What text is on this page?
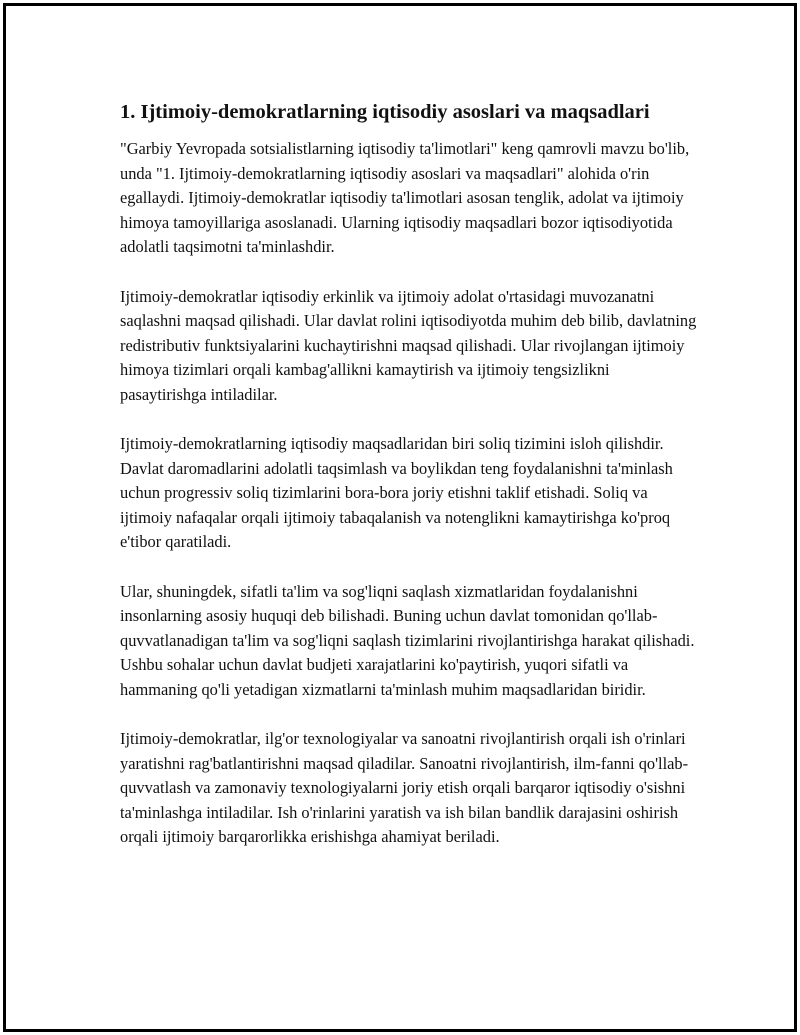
1. Ijtimoiy-demokratlarning iqtisodiy asoslari va maqsadlari

"Garbiy Yevropada sotsialistlarning iqtisodiy ta'limotlari" keng qamrovli mavzu bo'lib, unda "1. Ijtimoiy-demokratlarning iqtisodiy asoslari va maqsadlari" alohida o'rin egallaydi. Ijtimoiy-demokratlar iqtisodiy ta'limotlari asosan tenglik, adolat va ijtimoiy himoya tamoyillariga asoslanadi. Ularning iqtisodiy maqsadlari bozor iqtisodiyotida adolatli taqsimotni ta'minlashdir.

Ijtimoiy-demokratlar iqtisodiy erkinlik va ijtimoiy adolat o'rtasidagi muvozanatni saqlashni maqsad qilishadi. Ular davlat rolini iqtisodiyotda muhim deb bilib, davlatning redistributiv funktsiyalarini kuchaytirishni maqsad qilishadi. Ular rivojlangan ijtimoiy himoya tizimlari orqali kambag'allikni kamaytirish va ijtimoiy tengsizlikni pasaytirishga intiladilar.

Ijtimoiy-demokratlarning iqtisodiy maqsadlaridan biri soliq tizimini isloh qilishdir. Davlat daromadlarini adolatli taqsimlash va boylikdan teng foydalanishni ta'minlash uchun progressiv soliq tizimlarini bora-bora joriy etishni taklif etishadi. Soliq va ijtimoiy nafaqalar orqali ijtimoiy tabaqalanish va notenglikni kamaytirishga ko'proq e'tibor qaratiladi.

Ular, shuningdek, sifatli ta'lim va sog'liqni saqlash xizmatlaridan foydalanishni insonlarning asosiy huquqi deb bilishadi. Buning uchun davlat tomonidan qo'llab-quvvatlanadigan ta'lim va sog'liqni saqlash tizimlarini rivojlantirishga harakat qilishadi. Ushbu sohalar uchun davlat budjeti xarajatlarini ko'paytirish, yuqori sifatli va hammaning qo'li yetadigan xizmatlarni ta'minlash muhim maqsadlaridan biridir.

Ijtimoiy-demokratlar, ilg'or texnologiyalar va sanoatni rivojlantirish orqali ish o'rinlari yaratishni rag'batlantirishni maqsad qiladilar. Sanoatni rivojlantirish, ilm-fanni qo'llab-quvvatlash va zamonaviy texnologiyalarni joriy etish orqali barqaror iqtisodiy o'sishni ta'minlashga intiladilar. Ish o'rinlarini yaratish va ish bilan bandlik darajasini oshirish orqali ijtimoiy barqarorlikka erishishga ahamiyat beriladi.
